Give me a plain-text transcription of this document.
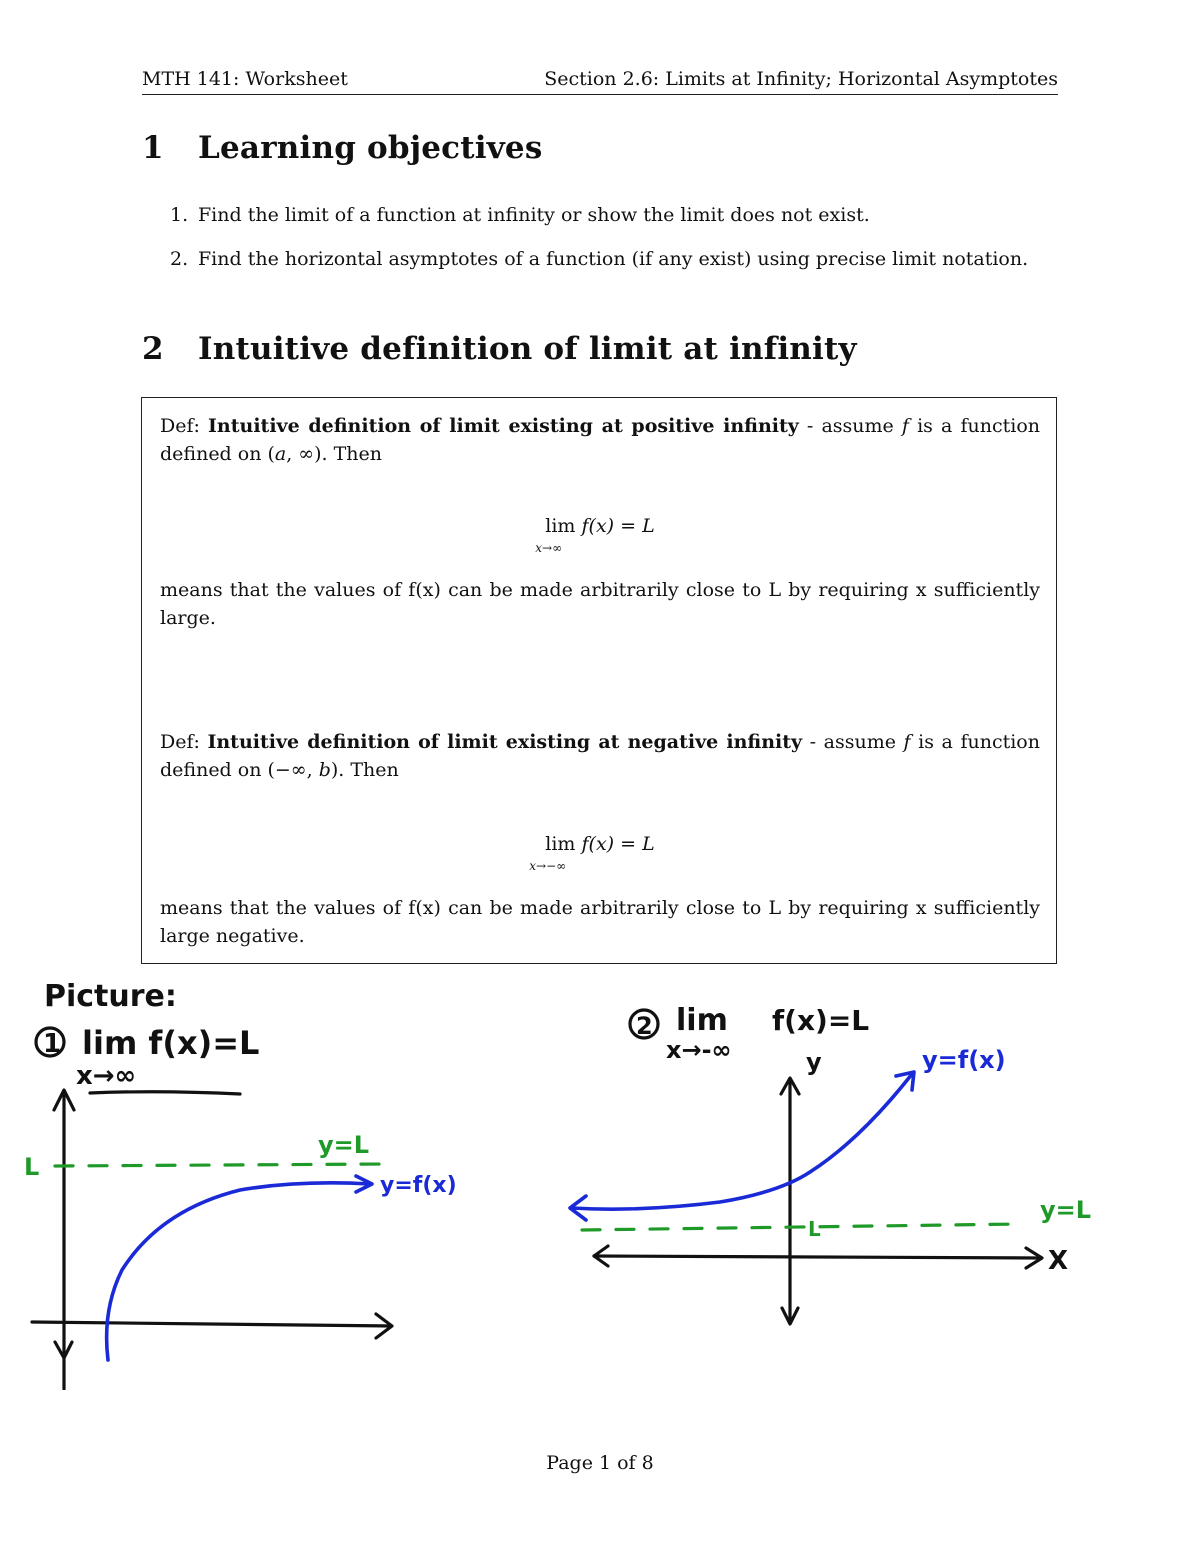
MTH 141: Worksheet	Section 2.6: Limits at Infinity; Horizontal Asymptotes
1 Learning objectives
1. Find the limit of a function at infinity or show the limit does not exist.
2. Find the horizontal asymptotes of a function (if any exist) using precise limit notation.
2 Intuitive definition of limit at infinity
Def: Intuitive definition of limit existing at positive infinity - assume f is a function defined on (a, ∞). Then
lim
x→∞
f(x) = L
means that the values of f(x) can be made arbitrarily close to L by requiring x sufficiently large.
Def: Intuitive definition of limit existing at negative infinity - assume f is a function defined on (−∞, b). Then
lim
x→−∞
f(x) = L
means that the values of f(x) can be made arbitrarily close to L by requiring x sufficiently large negative.
Picture:
1 lim f(x)=L
x→∞
L
y=L
y=f(x)
2 lim f(x)=L
x→-∞	y
X
L
y=L
y=f(x)
Page 1 of 8
